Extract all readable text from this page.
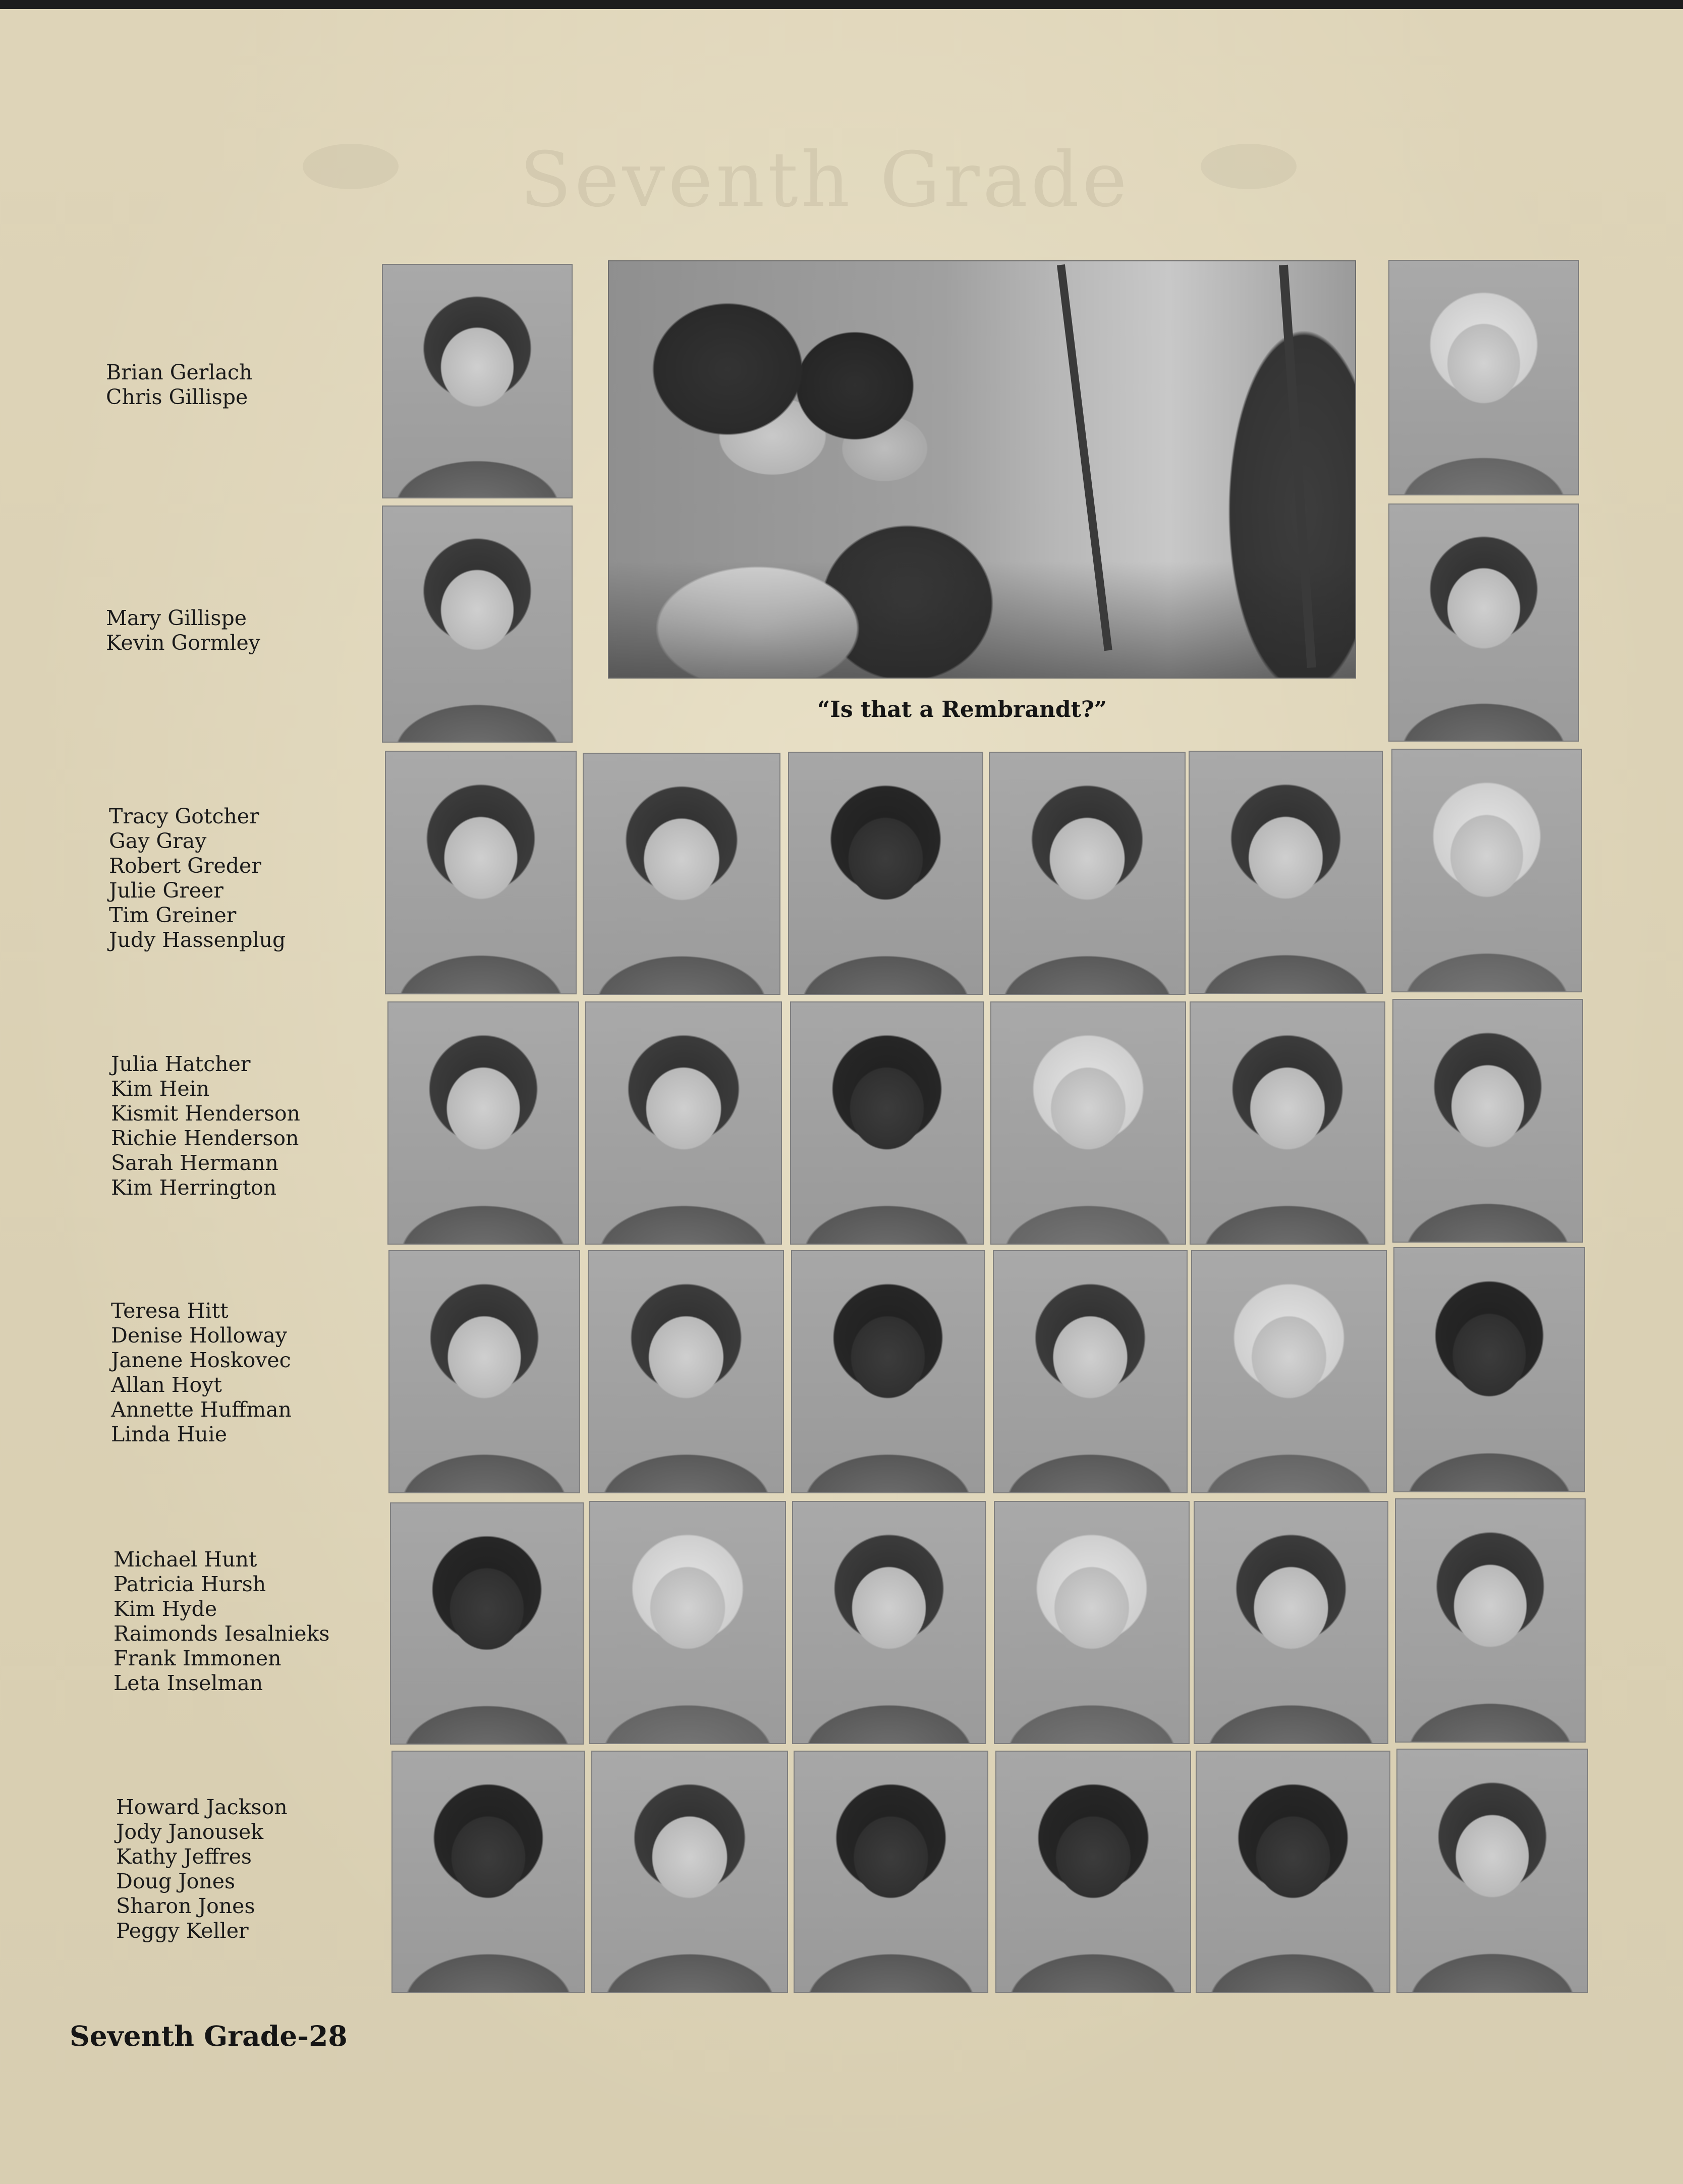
Seventh Grade
Brian Gerlach
Chris Gillispe
Mary Gillispe
Kevin Gormley
Tracy Gotcher
Gay Gray
Robert Greder
Julie Greer
Tim Greiner
Judy Hassenplug
Julia Hatcher
Kim Hein
Kismit Henderson
Richie Henderson
Sarah Hermann
Kim Herrington
Teresa Hitt
Denise Holloway
Janene Hoskovec
Allan Hoyt
Annette Huffman
Linda Huie
Michael Hunt
Patricia Hursh
Kim Hyde
Raimonds Iesalnieks
Frank Immonen
Leta Inselman
Howard Jackson
Jody Janousek
Kathy Jeffres
Doug Jones
Sharon Jones
Peggy Keller
“Is that a Rembrandt?”
Seventh Grade-28
